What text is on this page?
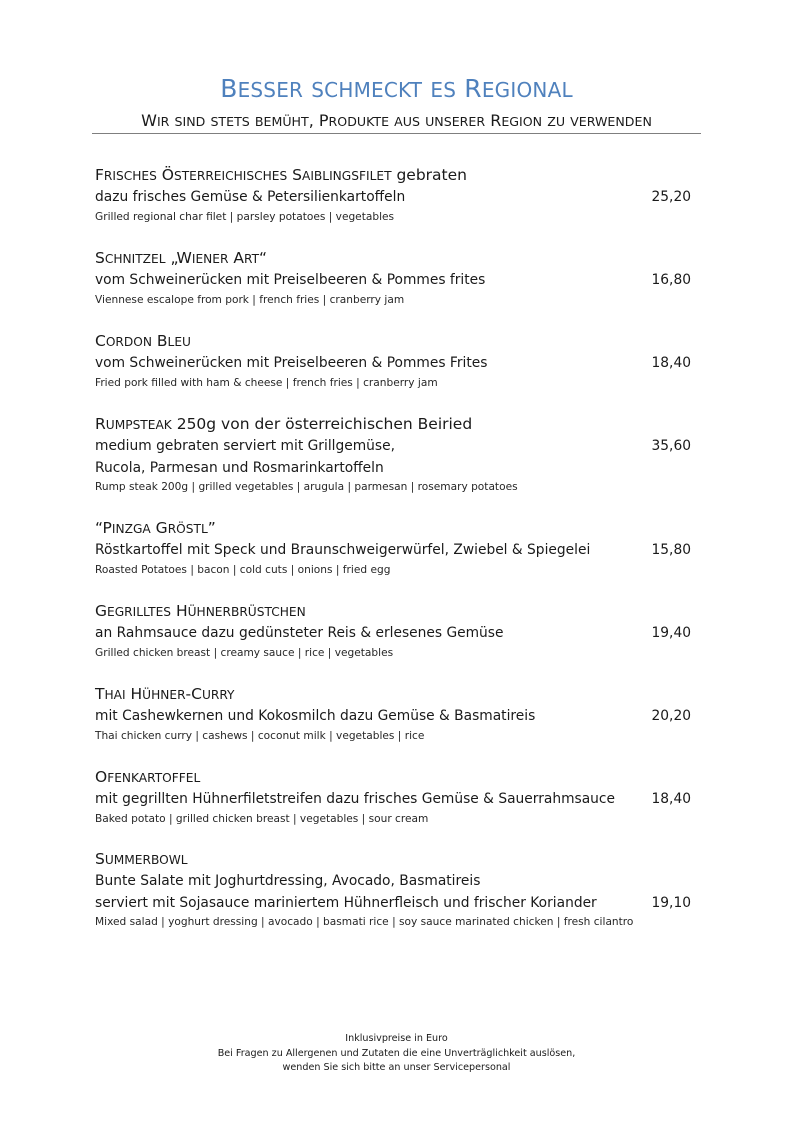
BESSER SCHMECKT ES REGIONAL
WIR SIND STETS BEMÜHT, PRODUKTE AUS UNSERER REGION ZU VERWENDEN
FRISCHES ÖSTERREICHISCHES SAIBLINGSFILET gebraten
dazu frisches Gemüse & Petersilienkartoffeln	25,20
Grilled regional char filet | parsley potatoes | vegetables
SCHNITZEL „WIENER ART“
vom Schweinerücken mit Preiselbeeren & Pommes frites	16,80
Viennese escalope from pork | french fries | cranberry jam
CORDON BLEU
vom Schweinerücken mit Preiselbeeren & Pommes Frites	18,40
Fried pork filled with ham & cheese | french fries | cranberry jam
RUMPSTEAK 250g von der österreichischen Beiried
medium gebraten serviert mit Grillgemüse,	35,60
Rucola, Parmesan und Rosmarinkartoffeln
Rump steak 200g | grilled vegetables | arugula | parmesan | rosemary potatoes
“PINZGA GRÖSTL”
Röstkartoffel mit Speck und Braunschweigerwürfel, Zwiebel & Spiegelei	15,80
Roasted Potatoes | bacon | cold cuts | onions | fried egg
GEGRILLTES HÜHNERBRÜSTCHEN
an Rahmsauce dazu gedünsteter Reis & erlesenes Gemüse	19,40
Grilled chicken breast | creamy sauce | rice | vegetables
THAI HÜHNER-CURRY
mit Cashewkernen und Kokosmilch dazu Gemüse & Basmatireis	20,20
Thai chicken curry | cashews | coconut milk | vegetables | rice
OFENKARTOFFEL
mit gegrillten Hühnerfiletstreifen dazu frisches Gemüse & Sauerrahmsauce	18,40
Baked potato | grilled chicken breast | vegetables | sour cream
SUMMERBOWL
Bunte Salate mit Joghurtdressing, Avocado, Basmatireis
serviert mit Sojasauce mariniertem Hühnerfleisch und frischer Koriander	19,10
Mixed salad | yoghurt dressing | avocado | basmati rice | soy sauce marinated chicken | fresh cilantro
Inklusivpreise in Euro
Bei Fragen zu Allergenen und Zutaten die eine Unverträglichkeit auslösen,
wenden Sie sich bitte an unser Servicepersonal
